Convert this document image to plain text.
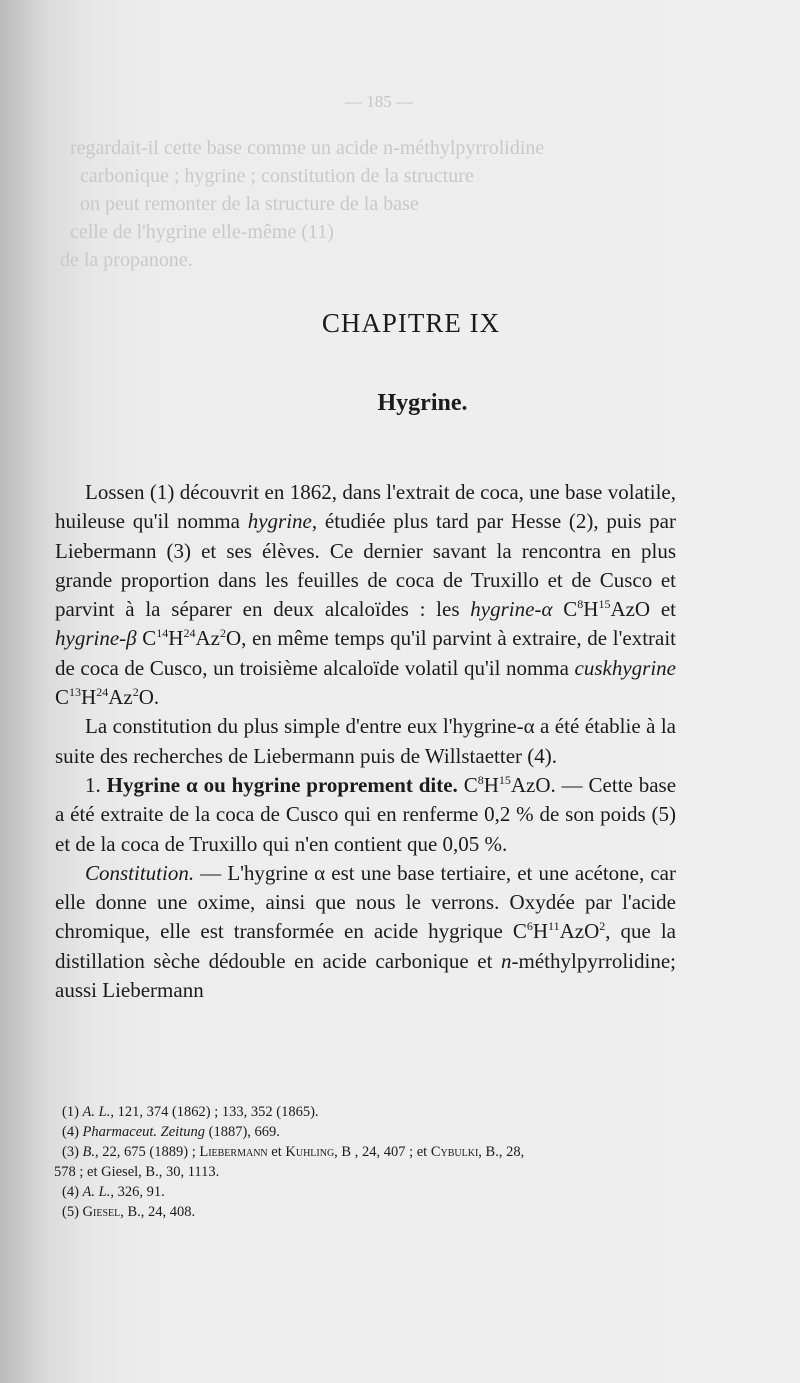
— 185 —
regardait-il cette base comme un acide n-méthylpyrrolidine
carbonique ; hygrine ; constitution de la structure
on peut remonter de la structure de la base
celle de l'hygrine elle-même (11)
de la propanone.
CHAPITRE IX
Hygrine.

Lossen (1) découvrit en 1862, dans l'extrait de coca, une base volatile, huileuse qu'il nomma hygrine, étudiée plus tard par Hesse (2), puis par Liebermann (3) et ses élèves. Ce dernier savant la rencontra en plus grande proportion dans les feuilles de coca de Truxillo et de Cusco et parvint à la séparer en deux alcaloïdes : les hygrine-α $C^8H^{15}AzO$ et hygrine-β $C^{14}H^{24}Az^2O$, en même temps qu'il parvint à extraire, de l'extrait de coca de Cusco, un troisième alcaloïde volatil qu'il nomma cuskhygrine $C^{13}H^{24}Az^2O$.

La constitution du plus simple d'entre eux l'hygrine-α a été établie à la suite des recherches de Liebermann puis de Willstaetter (4).

1. Hygrine α ou hygrine proprement dite. $C^8H^{15}AzO$. — Cette base a été extraite de la coca de Cusco qui en renferme 0,2 % de son poids (5) et de la coca de Truxillo qui n'en contient que 0,05 %.

Constitution. — L'hygrine α est une base tertiaire, et une acétone, car elle donne une oxime, ainsi que nous le verrons. Oxydée par l'acide chromique, elle est transformée en acide hygrique $C^6H^{11}AzO^2$, que la distillation sèche dédouble en acide carbonique et n-méthylpyrrolidine; aussi Liebermann

(1) A. L., 121, 374 (1862) ; 133, 352 (1865).

(4) Pharmaceut. Zeitung (1887), 669.

(3) B., 22, 675 (1889) ; Liebermann et Kuhling, B , 24, 407 ; et Cybulki, B., 28,

578 ; et Giesel, B., 30, 1113.

(4) A. L., 326, 91.

(5) Giesel, B., 24, 408.
